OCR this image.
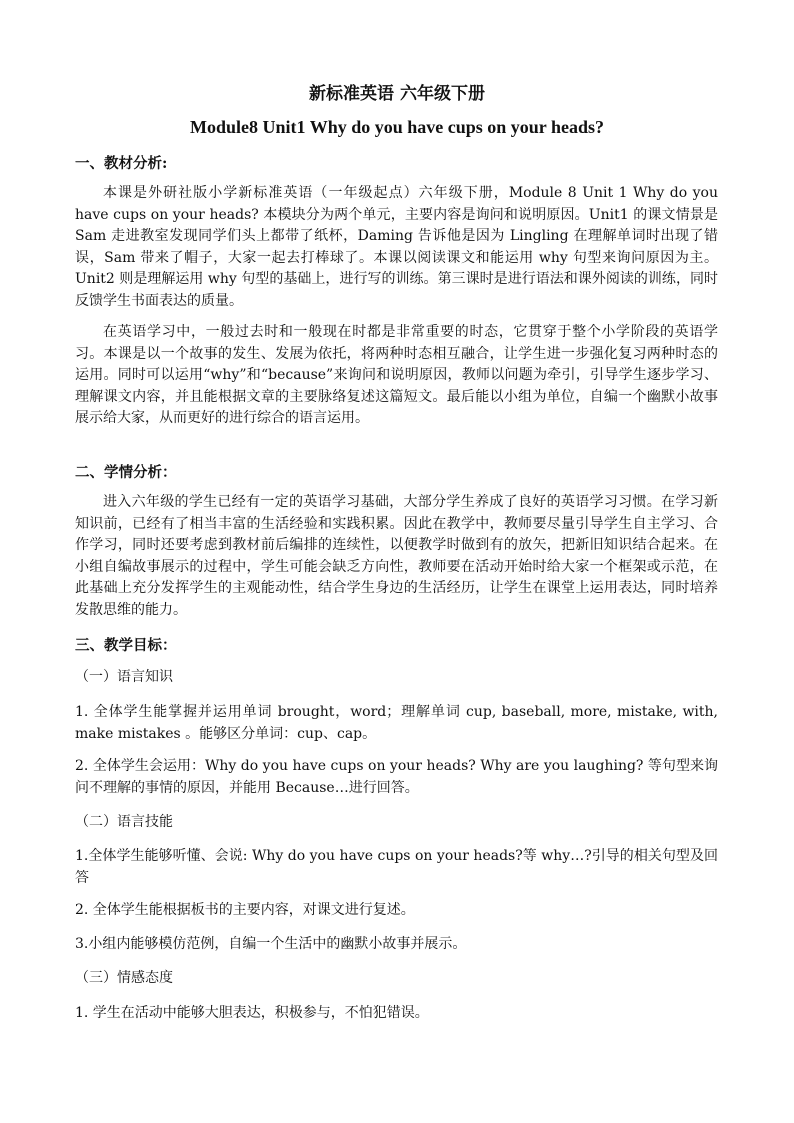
新标准英语 六年级下册
Module8 Unit1 Why do you have cups on your heads?
一、教材分析:

本课是外研社版小学新标准英语（一年级起点）六年级下册，Module 8 Unit 1 Why do you have cups on your heads? 本模块分为两个单元，主要内容是询问和说明原因。Unit1 的课文情景是 Sam 走进教室发现同学们头上都带了纸杯，Daming 告诉他是因为 Lingling 在理解单词时出现了错误，Sam 带来了帽子，大家一起去打棒球了。本课以阅读课文和能运用 why 句型来询问原因为主。Unit2 则是理解运用 why 句型的基础上，进行写的训练。第三课时是进行语法和课外阅读的训练，同时反馈学生书面表达的质量。

在英语学习中，一般过去时和一般现在时都是非常重要的时态，它贯穿于整个小学阶段的英语学习。本课是以一个故事的发生、发展为依托，将两种时态相互融合，让学生进一步强化复习两种时态的运用。同时可以运用“why”和“because”来询问和说明原因，教师以问题为牵引，引导学生逐步学习、理解课文内容，并且能根据文章的主要脉络复述这篇短文。最后能以小组为单位，自编一个幽默小故事展示给大家，从而更好的进行综合的语言运用。

二、学情分析：

进入六年级的学生已经有一定的英语学习基础，大部分学生养成了良好的英语学习习惯。在学习新知识前，已经有了相当丰富的生活经验和实践积累。因此在教学中，教师要尽量引导学生自主学习、合作学习，同时还要考虑到教材前后编排的连续性，以便教学时做到有的放矢，把新旧知识结合起来。在小组自编故事展示的过程中，学生可能会缺乏方向性，教师要在活动开始时给大家一个框架或示范，在此基础上充分发挥学生的主观能动性，结合学生身边的生活经历，让学生在课堂上运用表达，同时培养发散思维的能力。

三、教学目标：

（一）语言知识

1. 全体学生能掌握并运用单词 brought，word；理解单词 cup, baseball, more, mistake, with, make mistakes 。能够区分单词：cup、cap。

2. 全体学生会运用：Why do you have cups on your heads? Why are you laughing? 等句型来询问不理解的事情的原因，并能用 Because…进行回答。

（二）语言技能

1.全体学生能够听懂、会说: Why do you have cups on your heads?等 why…?引导的相关句型及回答

2. 全体学生能根据板书的主要内容，对课文进行复述。

3.小组内能够模仿范例，自编一个生活中的幽默小故事并展示。

（三）情感态度

1. 学生在活动中能够大胆表达，积极参与，不怕犯错误。
